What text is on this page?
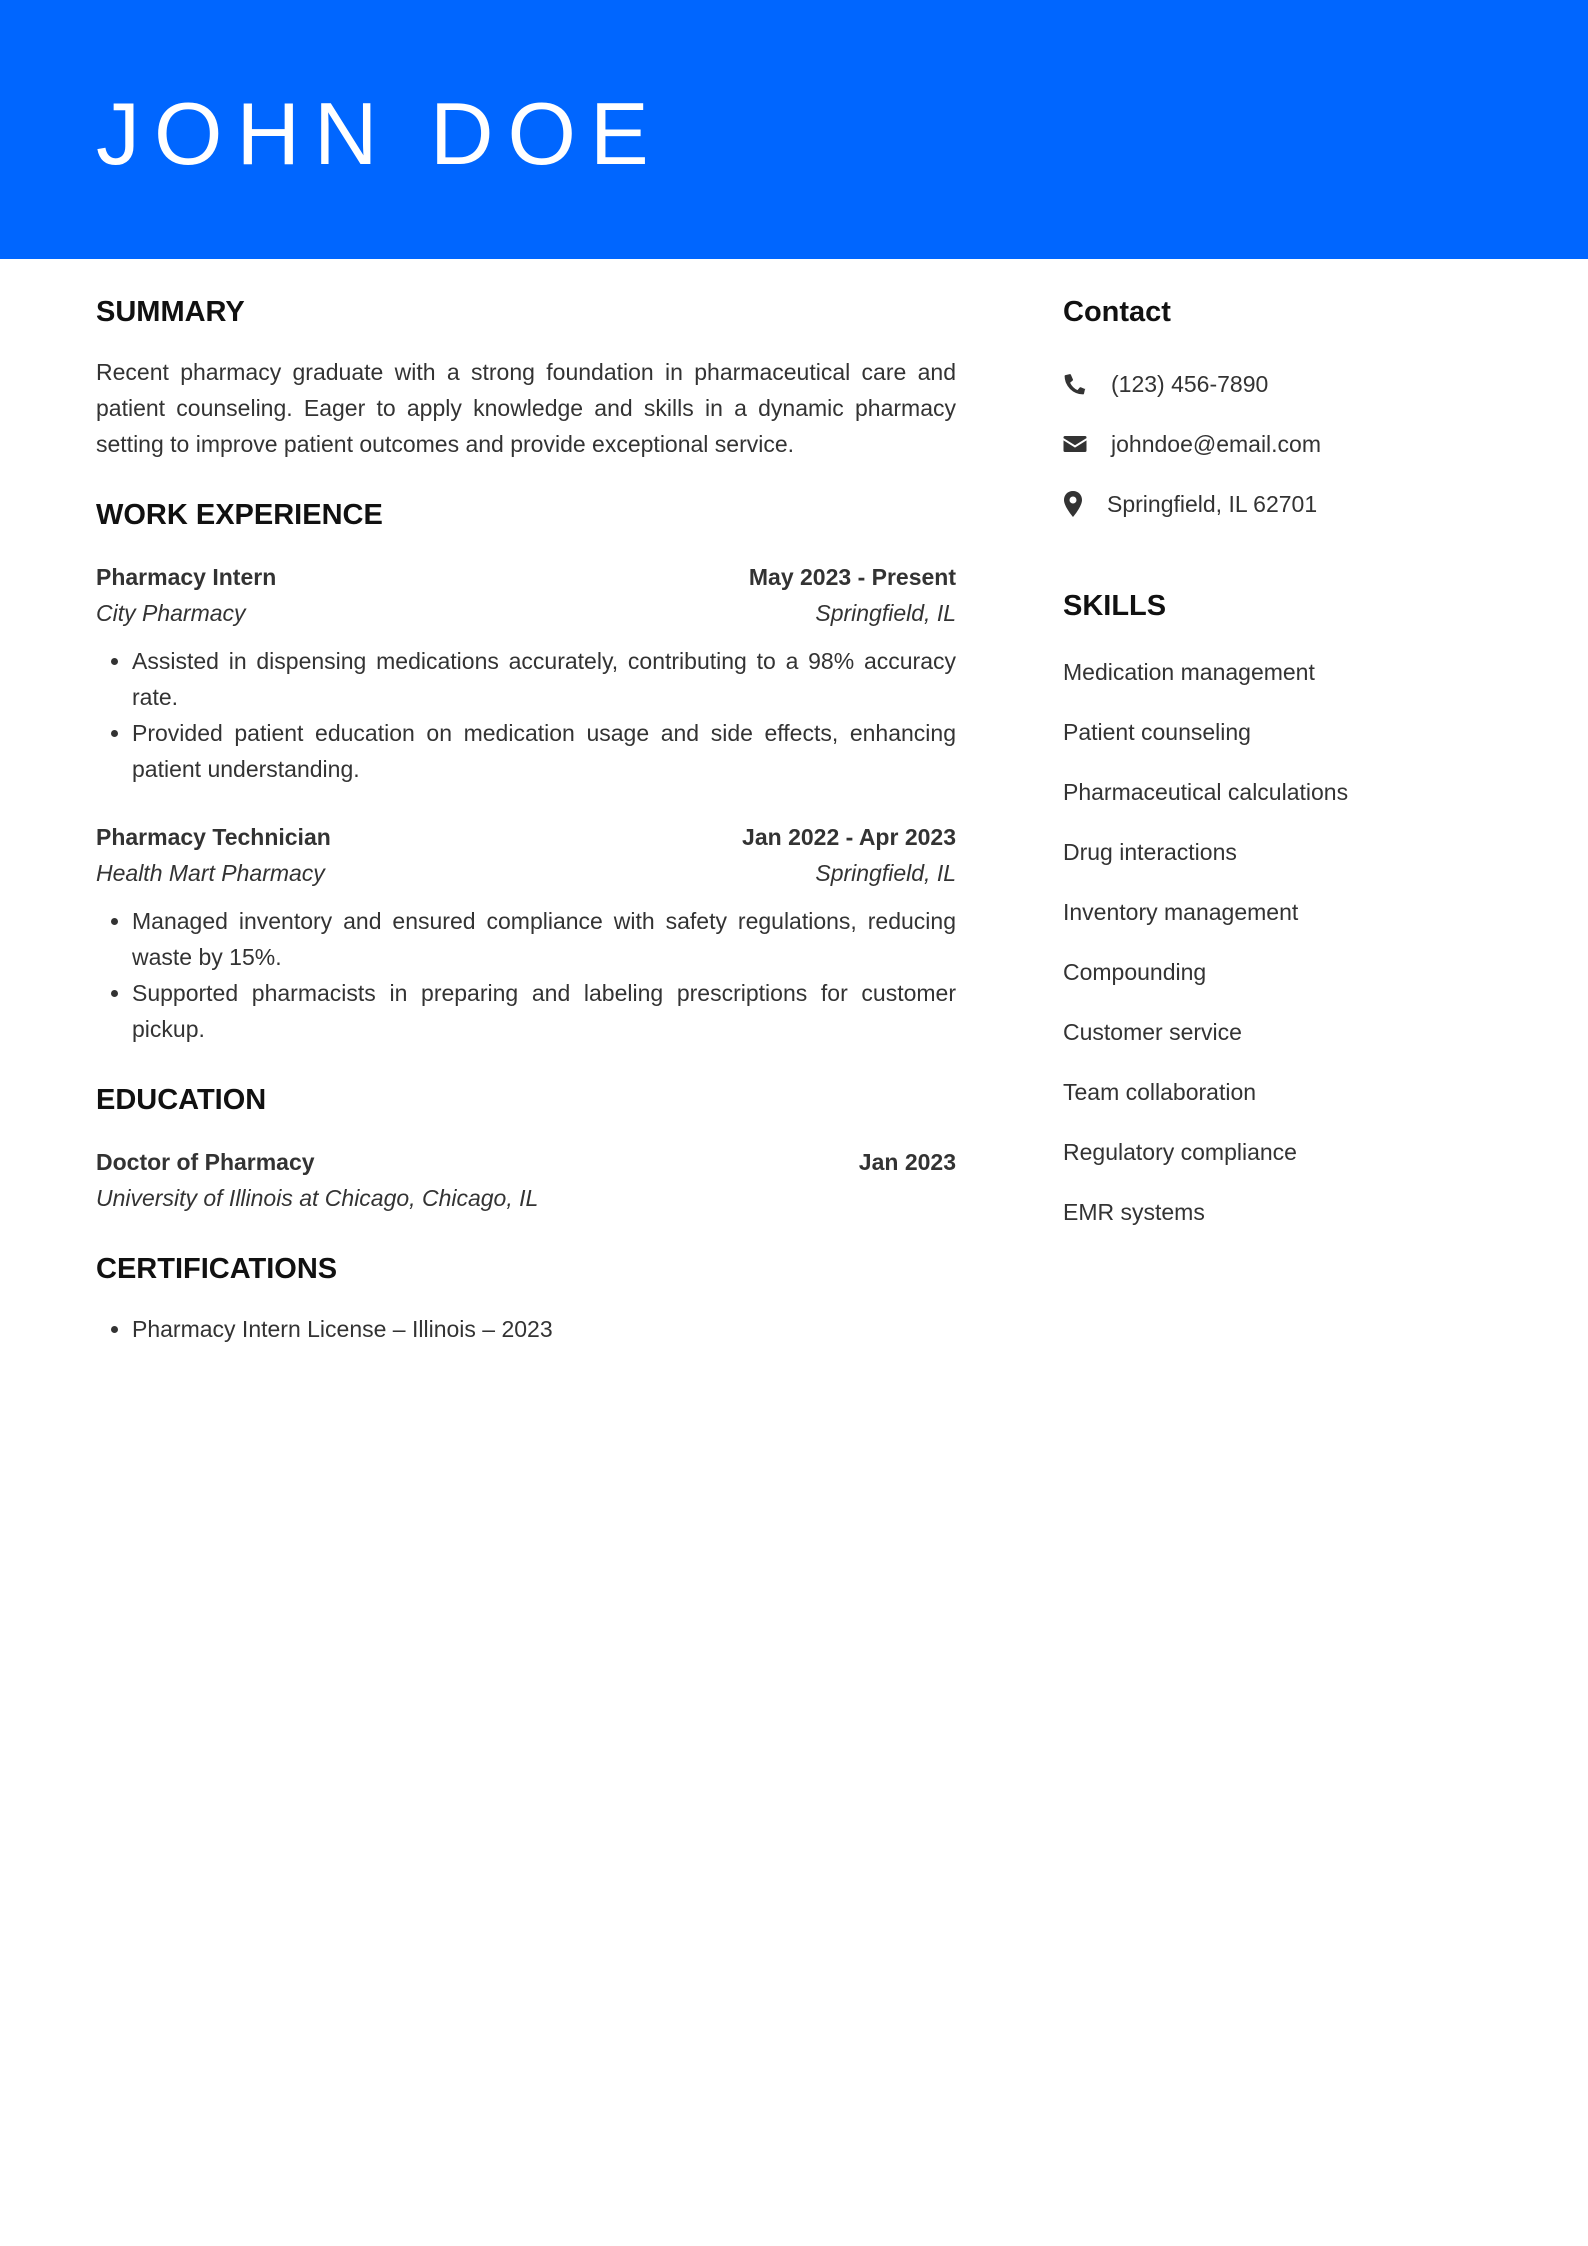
JOHN DOE
SUMMARY

Recent pharmacy graduate with a strong foundation in pharmaceutical care and patient counseling. Eager to apply knowledge and skills in a dynamic pharmacy setting to improve patient outcomes and provide exceptional service.

WORK EXPERIENCE
Pharmacy Intern	May 2023 - Present
City Pharmacy	Springfield, IL
• Assisted in dispensing medications accurately, contributing to a 98% accuracy rate.
• Provided patient education on medication usage and side effects, enhancing patient understanding.
Pharmacy Technician	Jan 2022 - Apr 2023
Health Mart Pharmacy	Springfield, IL
• Managed inventory and ensured compliance with safety regulations, reducing waste by 15%.
• Supported pharmacists in preparing and labeling prescriptions for customer pickup.
EDUCATION
Doctor of Pharmacy	Jan 2023
University of Illinois at Chicago, Chicago, IL
CERTIFICATIONS
• Pharmacy Intern License – Illinois – 2023
Contact
(123) 456-7890
johndoe@email.com
Springfield, IL 62701
SKILLS
Medication management
Patient counseling
Pharmaceutical calculations
Drug interactions
Inventory management
Compounding
Customer service
Team collaboration
Regulatory compliance
EMR systems
